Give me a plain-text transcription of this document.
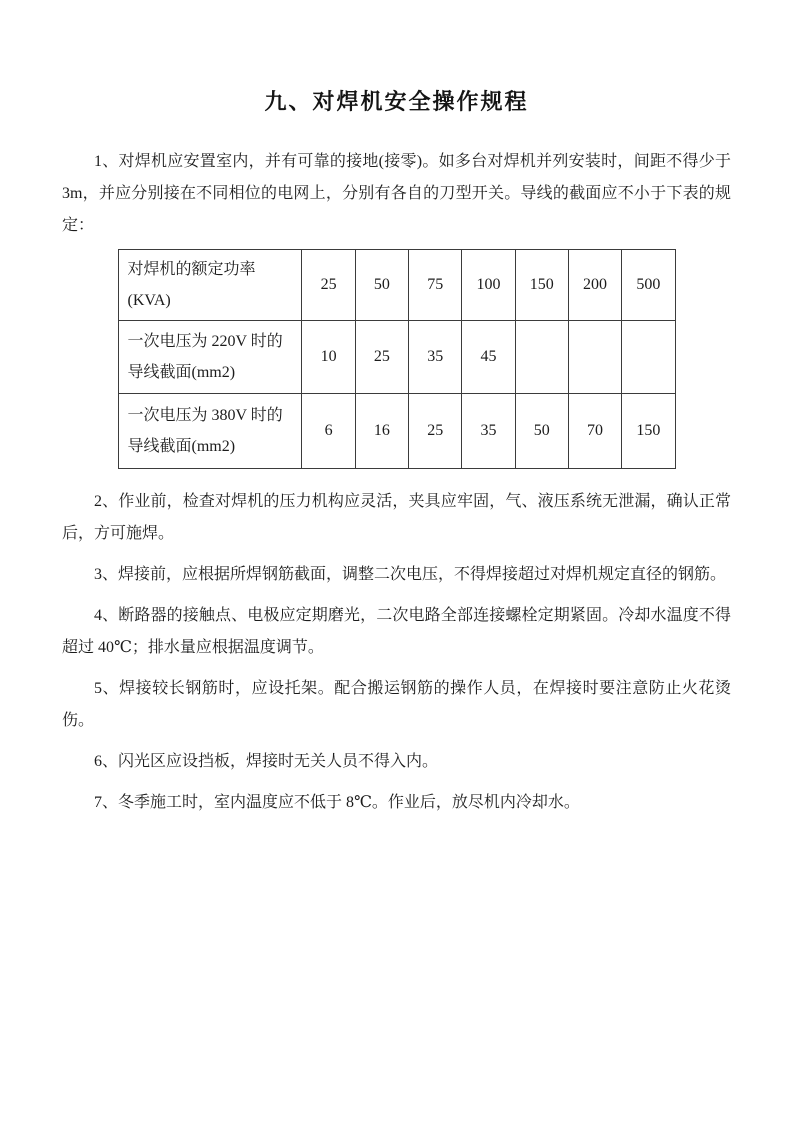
九、对焊机安全操作规程

1、对焊机应安置室内，并有可靠的接地(接零)。如多台对焊机并列安装时，间距不得少于 3m，并应分别接在不同相位的电网上，分别有各自的刀型开关。导线的截面应不小于下表的规定：

对焊机的额定功率(KVA)	25	50	75	100	150	200	500
一次电压为 220V 时的导线截面(mm2)	10	25	35	45			
一次电压为 380V 时的导线截面(mm2)	6	16	25	35	50	70	150

2、作业前，检查对焊机的压力机构应灵活，夹具应牢固，气、液压系统无泄漏，确认正常后，方可施焊。

3、焊接前，应根据所焊钢筋截面，调整二次电压，不得焊接超过对焊机规定直径的钢筋。

4、断路器的接触点、电极应定期磨光，二次电路全部连接螺栓定期紧固。冷却水温度不得超过 40℃；排水量应根据温度调节。

5、焊接较长钢筋时，应设托架。配合搬运钢筋的操作人员，在焊接时要注意防止火花烫伤。

6、闪光区应设挡板，焊接时无关人员不得入内。

7、冬季施工时，室内温度应不低于 8℃。作业后，放尽机内冷却水。
